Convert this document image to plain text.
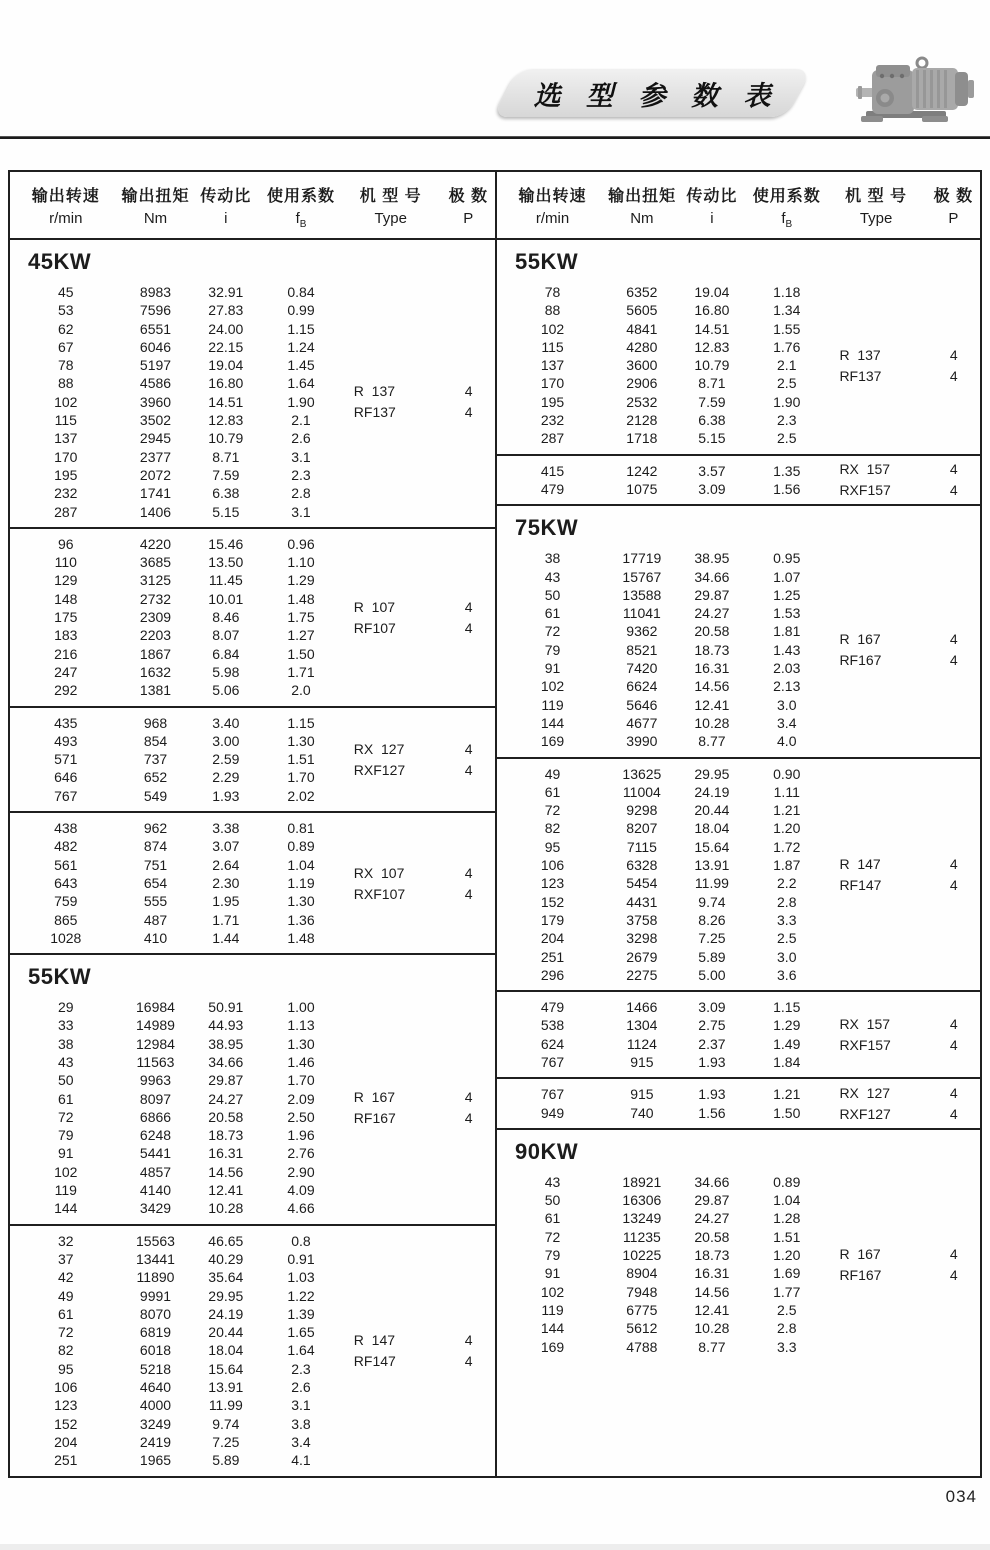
选 型 参 数 表
输出转速	输出扭矩 传动比 使用系数	机 型 号	极 数
r/min	Nm	i	$f_B$	Type	P
45KW
45	8983	32.91	0.84
53	7596	27.83	0.99
62	6551	24.00	1.15
67	6046	22.15	1.24
78	5197	19.04	1.45
88	4586	16.80	1.64
102	3960	14.51	1.90
115	3502	12.83	2.1
137	2945	10.79	2.6
170	2377	8.71	3.1
195	2072	7.59	2.3
232	1741	6.38	2.8
287	1406	5.15	3.1
R  137	4
RF137	4
96	4220	15.46	0.96
110	3685	13.50	1.10
129	3125	11.45	1.29
148	2732	10.01	1.48
175	2309	8.46	1.75
183	2203	8.07	1.27
216	1867	6.84	1.50
247	1632	5.98	1.71
292	1381	5.06	2.0
R  107	4
RF107	4
435	968	3.40	1.15
493	854	3.00	1.30
571	737	2.59	1.51
646	652	2.29	1.70
767	549	1.93	2.02
RX  127	4
RXF127	4
438	962	3.38	0.81
482	874	3.07	0.89
561	751	2.64	1.04
643	654	2.30	1.19
759	555	1.95	1.30
865	487	1.71	1.36
1028	410	1.44	1.48
RX  107	4
RXF107	4
55KW
29	16984	50.91	1.00
33	14989	44.93	1.13
38	12984	38.95	1.30
43	11563	34.66	1.46
50	9963	29.87	1.70
61	8097	24.27	2.09
72	6866	20.58	2.50
79	6248	18.73	1.96
91	5441	16.31	2.76
102	4857	14.56	2.90
119	4140	12.41	4.09
144	3429	10.28	4.66
R  167	4
RF167	4
32	15563	46.65	0.8
37	13441	40.29	0.91
42	11890	35.64	1.03
49	9991	29.95	1.22
61	8070	24.19	1.39
72	6819	20.44	1.65
82	6018	18.04	1.64
95	5218	15.64	2.3
106	4640	13.91	2.6
123	4000	11.99	3.1
152	3249	9.74	3.8
204	2419	7.25	3.4
251	1965	5.89	4.1
R  147	4
RF147	4
输出转速	输出扭矩 传动比 使用系数	机 型 号	极 数
r/min	Nm	i	$f_B$	Type	P
55KW
78	6352	19.04	1.18
88	5605	16.80	1.34
102	4841	14.51	1.55
115	4280	12.83	1.76
137	3600	10.79	2.1
170	2906	8.71	2.5
195	2532	7.59	1.90
232	2128	6.38	2.3
287	1718	5.15	2.5
R  137	4
RF137	4
415	1242	3.57	1.35
479	1075	3.09	1.56
RX  157	4
RXF157	4
75KW
38	17719	38.95	0.95
43	15767	34.66	1.07
50	13588	29.87	1.25
61	11041	24.27	1.53
72	9362	20.58	1.81
79	8521	18.73	1.43
91	7420	16.31	2.03
102	6624	14.56	2.13
119	5646	12.41	3.0
144	4677	10.28	3.4
169	3990	8.77	4.0
R  167	4
RF167	4
49	13625	29.95	0.90
61	11004	24.19	1.11
72	9298	20.44	1.21
82	8207	18.04	1.20
95	7115	15.64	1.72
106	6328	13.91	1.87
123	5454	11.99	2.2
152	4431	9.74	2.8
179	3758	8.26	3.3
204	3298	7.25	2.5
251	2679	5.89	3.0
296	2275	5.00	3.6
R  147	4
RF147	4
479	1466	3.09	1.15
538	1304	2.75	1.29
624	1124	2.37	1.49
767	915	1.93	1.84
RX  157	4
RXF157	4
767	915	1.93	1.21
949	740	1.56	1.50
RX  127	4
RXF127	4
90KW
43	18921	34.66	0.89
50	16306	29.87	1.04
61	13249	24.27	1.28
72	11235	20.58	1.51
79	10225	18.73	1.20
91	8904	16.31	1.69
102	7948	14.56	1.77
119	6775	12.41	2.5
144	5612	10.28	2.8
169	4788	8.77	3.3
R  167	4
RF167	4
034
